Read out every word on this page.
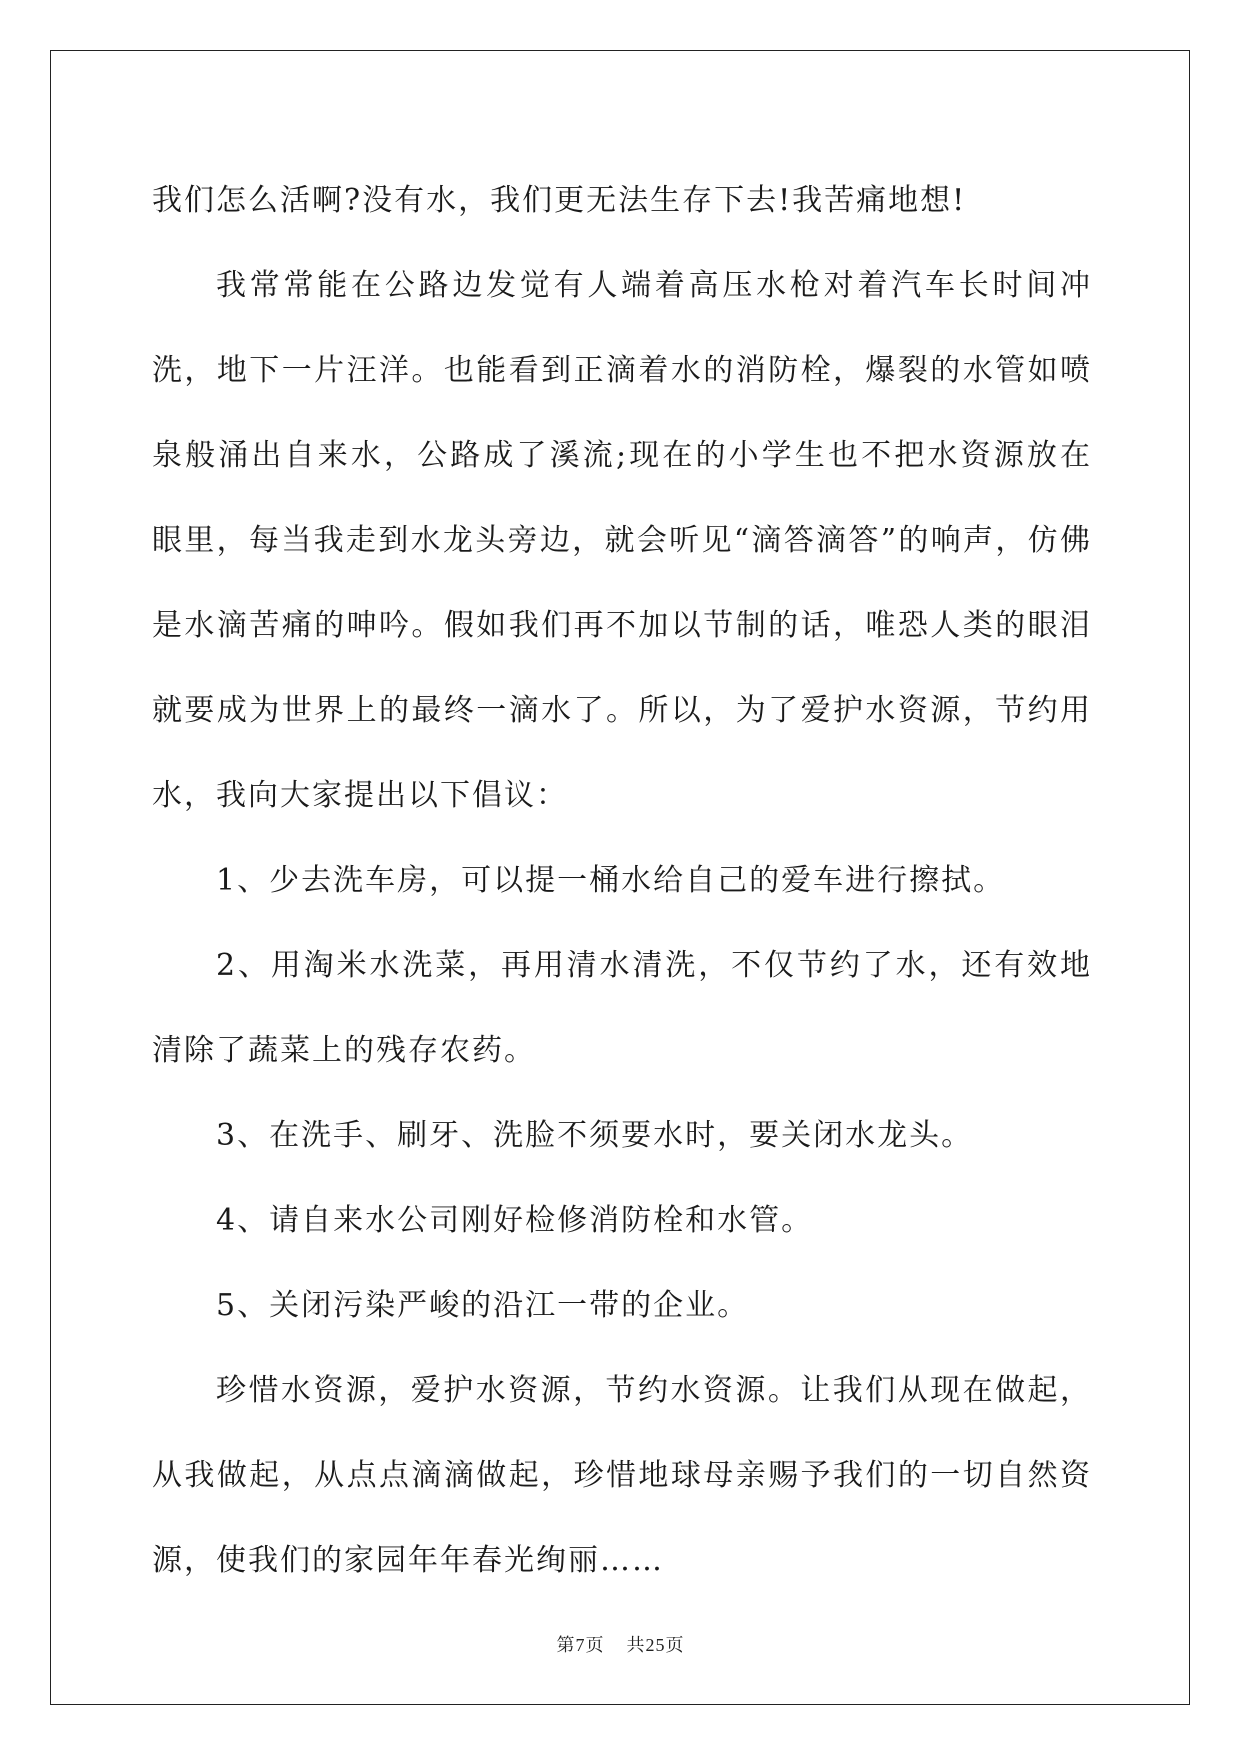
我们怎么活啊?没有水，我们更无法生存下去!我苦痛地想!

我常常能在公路边发觉有人端着高压水枪对着汽车长时间冲洗，地下一片汪洋。也能看到正滴着水的消防栓，爆裂的水管如喷泉般涌出自来水，公路成了溪流;现在的小学生也不把水资源放在眼里，每当我走到水龙头旁边，就会听见“滴答滴答”的响声，仿佛是水滴苦痛的呻吟。假如我们再不加以节制的话，唯恐人类的眼泪就要成为世界上的最终一滴水了。所以，为了爱护水资源，节约用水，我向大家提出以下倡议：

1、少去洗车房，可以提一桶水给自己的爱车进行擦拭。

2、用淘米水洗菜，再用清水清洗，不仅节约了水，还有效地清除了蔬菜上的残存农药。

3、在洗手、刷牙、洗脸不须要水时，要关闭水龙头。

4、请自来水公司刚好检修消防栓和水管。

5、关闭污染严峻的沿江一带的企业。

珍惜水资源，爱护水资源，节约水资源。让我们从现在做起，从我做起，从点点滴滴做起，珍惜地球母亲赐予我们的一切自然资源，使我们的家园年年春光绚丽……

第7页 共25页
